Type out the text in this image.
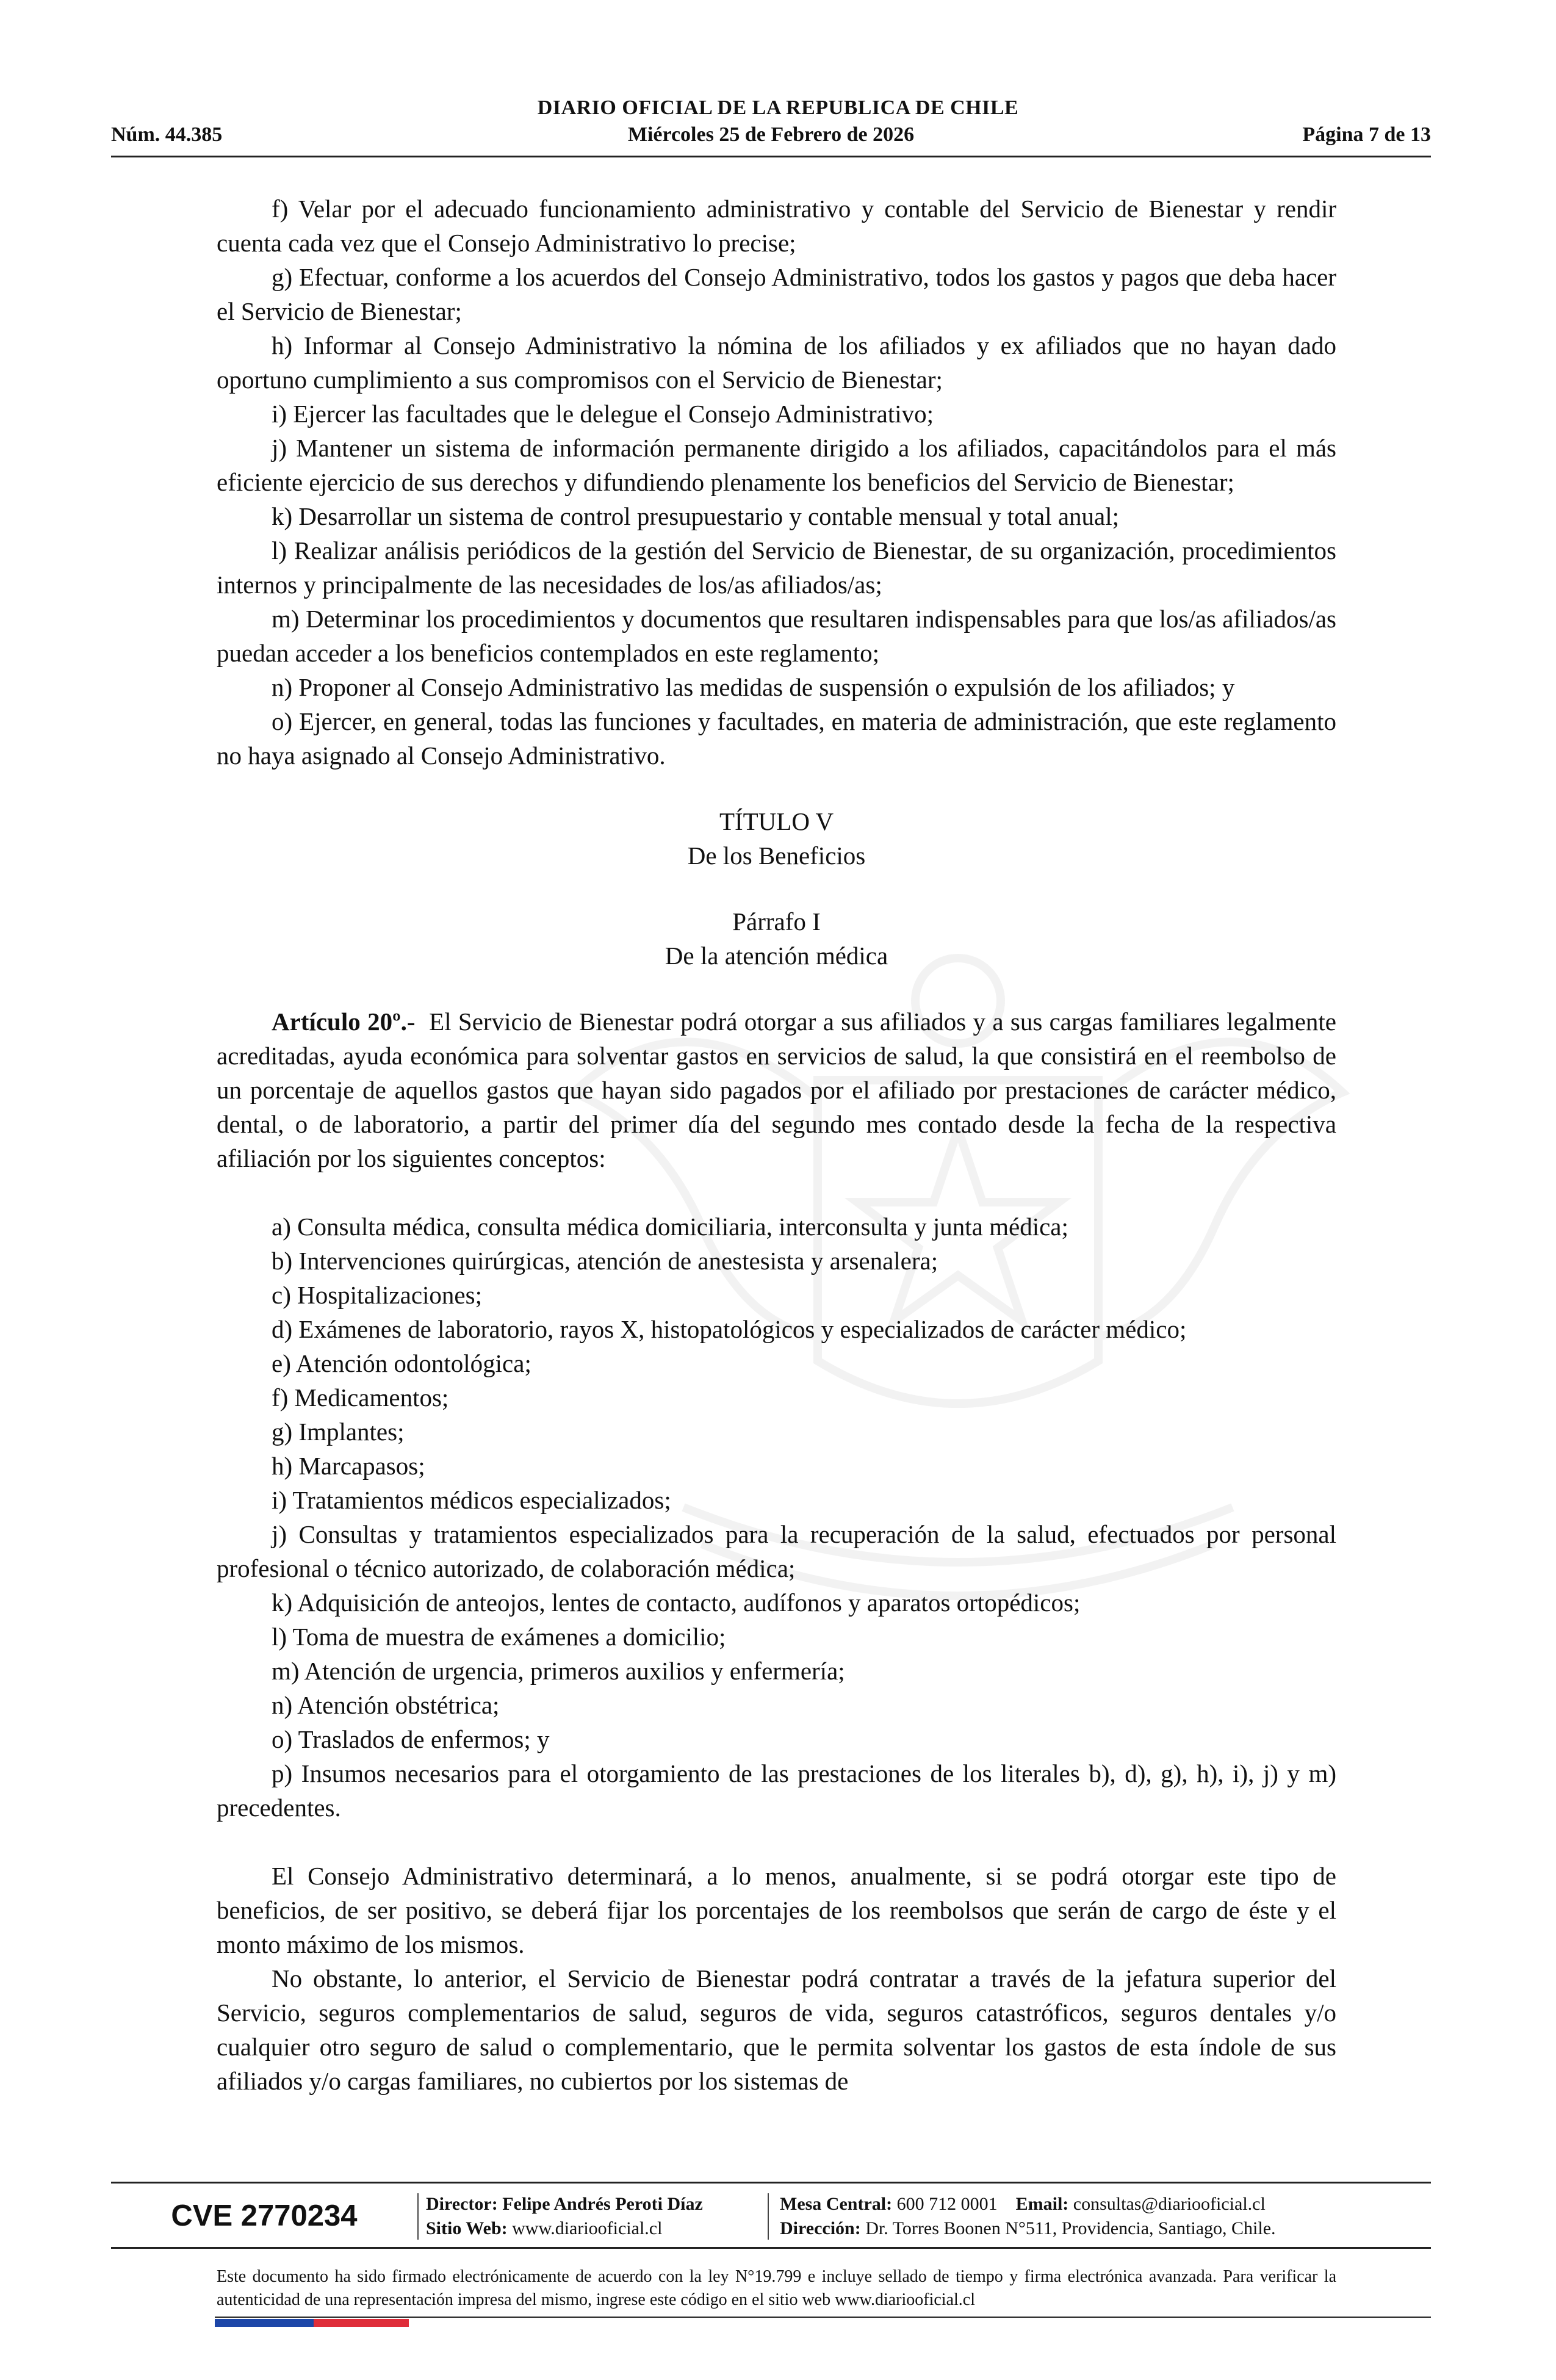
DIARIO OFICIAL DE LA REPUBLICA DE CHILE
Núm. 44.385	Miércoles 25 de Febrero de 2026	Página 7 de 13

f) Velar por el adecuado funcionamiento administrativo y contable del Servicio de Bienestar y rendir cuenta cada vez que el Consejo Administrativo lo precise;

g) Efectuar, conforme a los acuerdos del Consejo Administrativo, todos los gastos y pagos que deba hacer el Servicio de Bienestar;

h) Informar al Consejo Administrativo la nómina de los afiliados y ex afiliados que no hayan dado oportuno cumplimiento a sus compromisos con el Servicio de Bienestar;

i) Ejercer las facultades que le delegue el Consejo Administrativo;

j) Mantener un sistema de información permanente dirigido a los afiliados, capacitándolos para el más eficiente ejercicio de sus derechos y difundiendo plenamente los beneficios del Servicio de Bienestar;

k) Desarrollar un sistema de control presupuestario y contable mensual y total anual;

l) Realizar análisis periódicos de la gestión del Servicio de Bienestar, de su organización, procedimientos internos y principalmente de las necesidades de los/as afiliados/as;

m) Determinar los procedimientos y documentos que resultaren indispensables para que los/as afiliados/as puedan acceder a los beneficios contemplados en este reglamento;

n) Proponer al Consejo Administrativo las medidas de suspensión o expulsión de los afiliados; y

o) Ejercer, en general, todas las funciones y facultades, en materia de administración, que este reglamento no haya asignado al Consejo Administrativo.

TÍTULO V

De los Beneficios

Párrafo I

De la atención médica

Artículo 20º.- El Servicio de Bienestar podrá otorgar a sus afiliados y a sus cargas familiares legalmente acreditadas, ayuda económica para solventar gastos en servicios de salud, la que consistirá en el reembolso de un porcentaje de aquellos gastos que hayan sido pagados por el afiliado por prestaciones de carácter médico, dental, o de laboratorio, a partir del primer día del segundo mes contado desde la fecha de la respectiva afiliación por los siguientes conceptos:

a) Consulta médica, consulta médica domiciliaria, interconsulta y junta médica;

b) Intervenciones quirúrgicas, atención de anestesista y arsenalera;

c) Hospitalizaciones;

d) Exámenes de laboratorio, rayos X, histopatológicos y especializados de carácter médico;

e) Atención odontológica;

f) Medicamentos;

g) Implantes;

h) Marcapasos;

i) Tratamientos médicos especializados;

j) Consultas y tratamientos especializados para la recuperación de la salud, efectuados por personal profesional o técnico autorizado, de colaboración médica;

k) Adquisición de anteojos, lentes de contacto, audífonos y aparatos ortopédicos;

l) Toma de muestra de exámenes a domicilio;

m) Atención de urgencia, primeros auxilios y enfermería;

n) Atención obstétrica;

o) Traslados de enfermos; y

p) Insumos necesarios para el otorgamiento de las prestaciones de los literales b), d), g), h), i), j) y m) precedentes.

El Consejo Administrativo determinará, a lo menos, anualmente, si se podrá otorgar este tipo de beneficios, de ser positivo, se deberá fijar los porcentajes de los reembolsos que serán de cargo de éste y el monto máximo de los mismos.

No obstante, lo anterior, el Servicio de Bienestar podrá contratar a través de la jefatura superior del Servicio, seguros complementarios de salud, seguros de vida, seguros catastróficos, seguros dentales y/o cualquier otro seguro de salud o complementario, que le permita solventar los gastos de esta índole de sus afiliados y/o cargas familiares, no cubiertos por los sistemas de

CVE 2770234	Director: Felipe Andrés Peroti Díaz
Sitio Web: www.diariooficial.cl
Mesa Central: 600 712 0001 Email: consultas@diariooficial.cl
Dirección: Dr. Torres Boonen N°511, Providencia, Santiago, Chile.
Este documento ha sido firmado electrónicamente de acuerdo con la ley N°19.799 e incluye sellado de tiempo y firma electrónica avanzada. Para verificar la autenticidad de una representación impresa del mismo, ingrese este código en el sitio web www.diariooficial.cl
